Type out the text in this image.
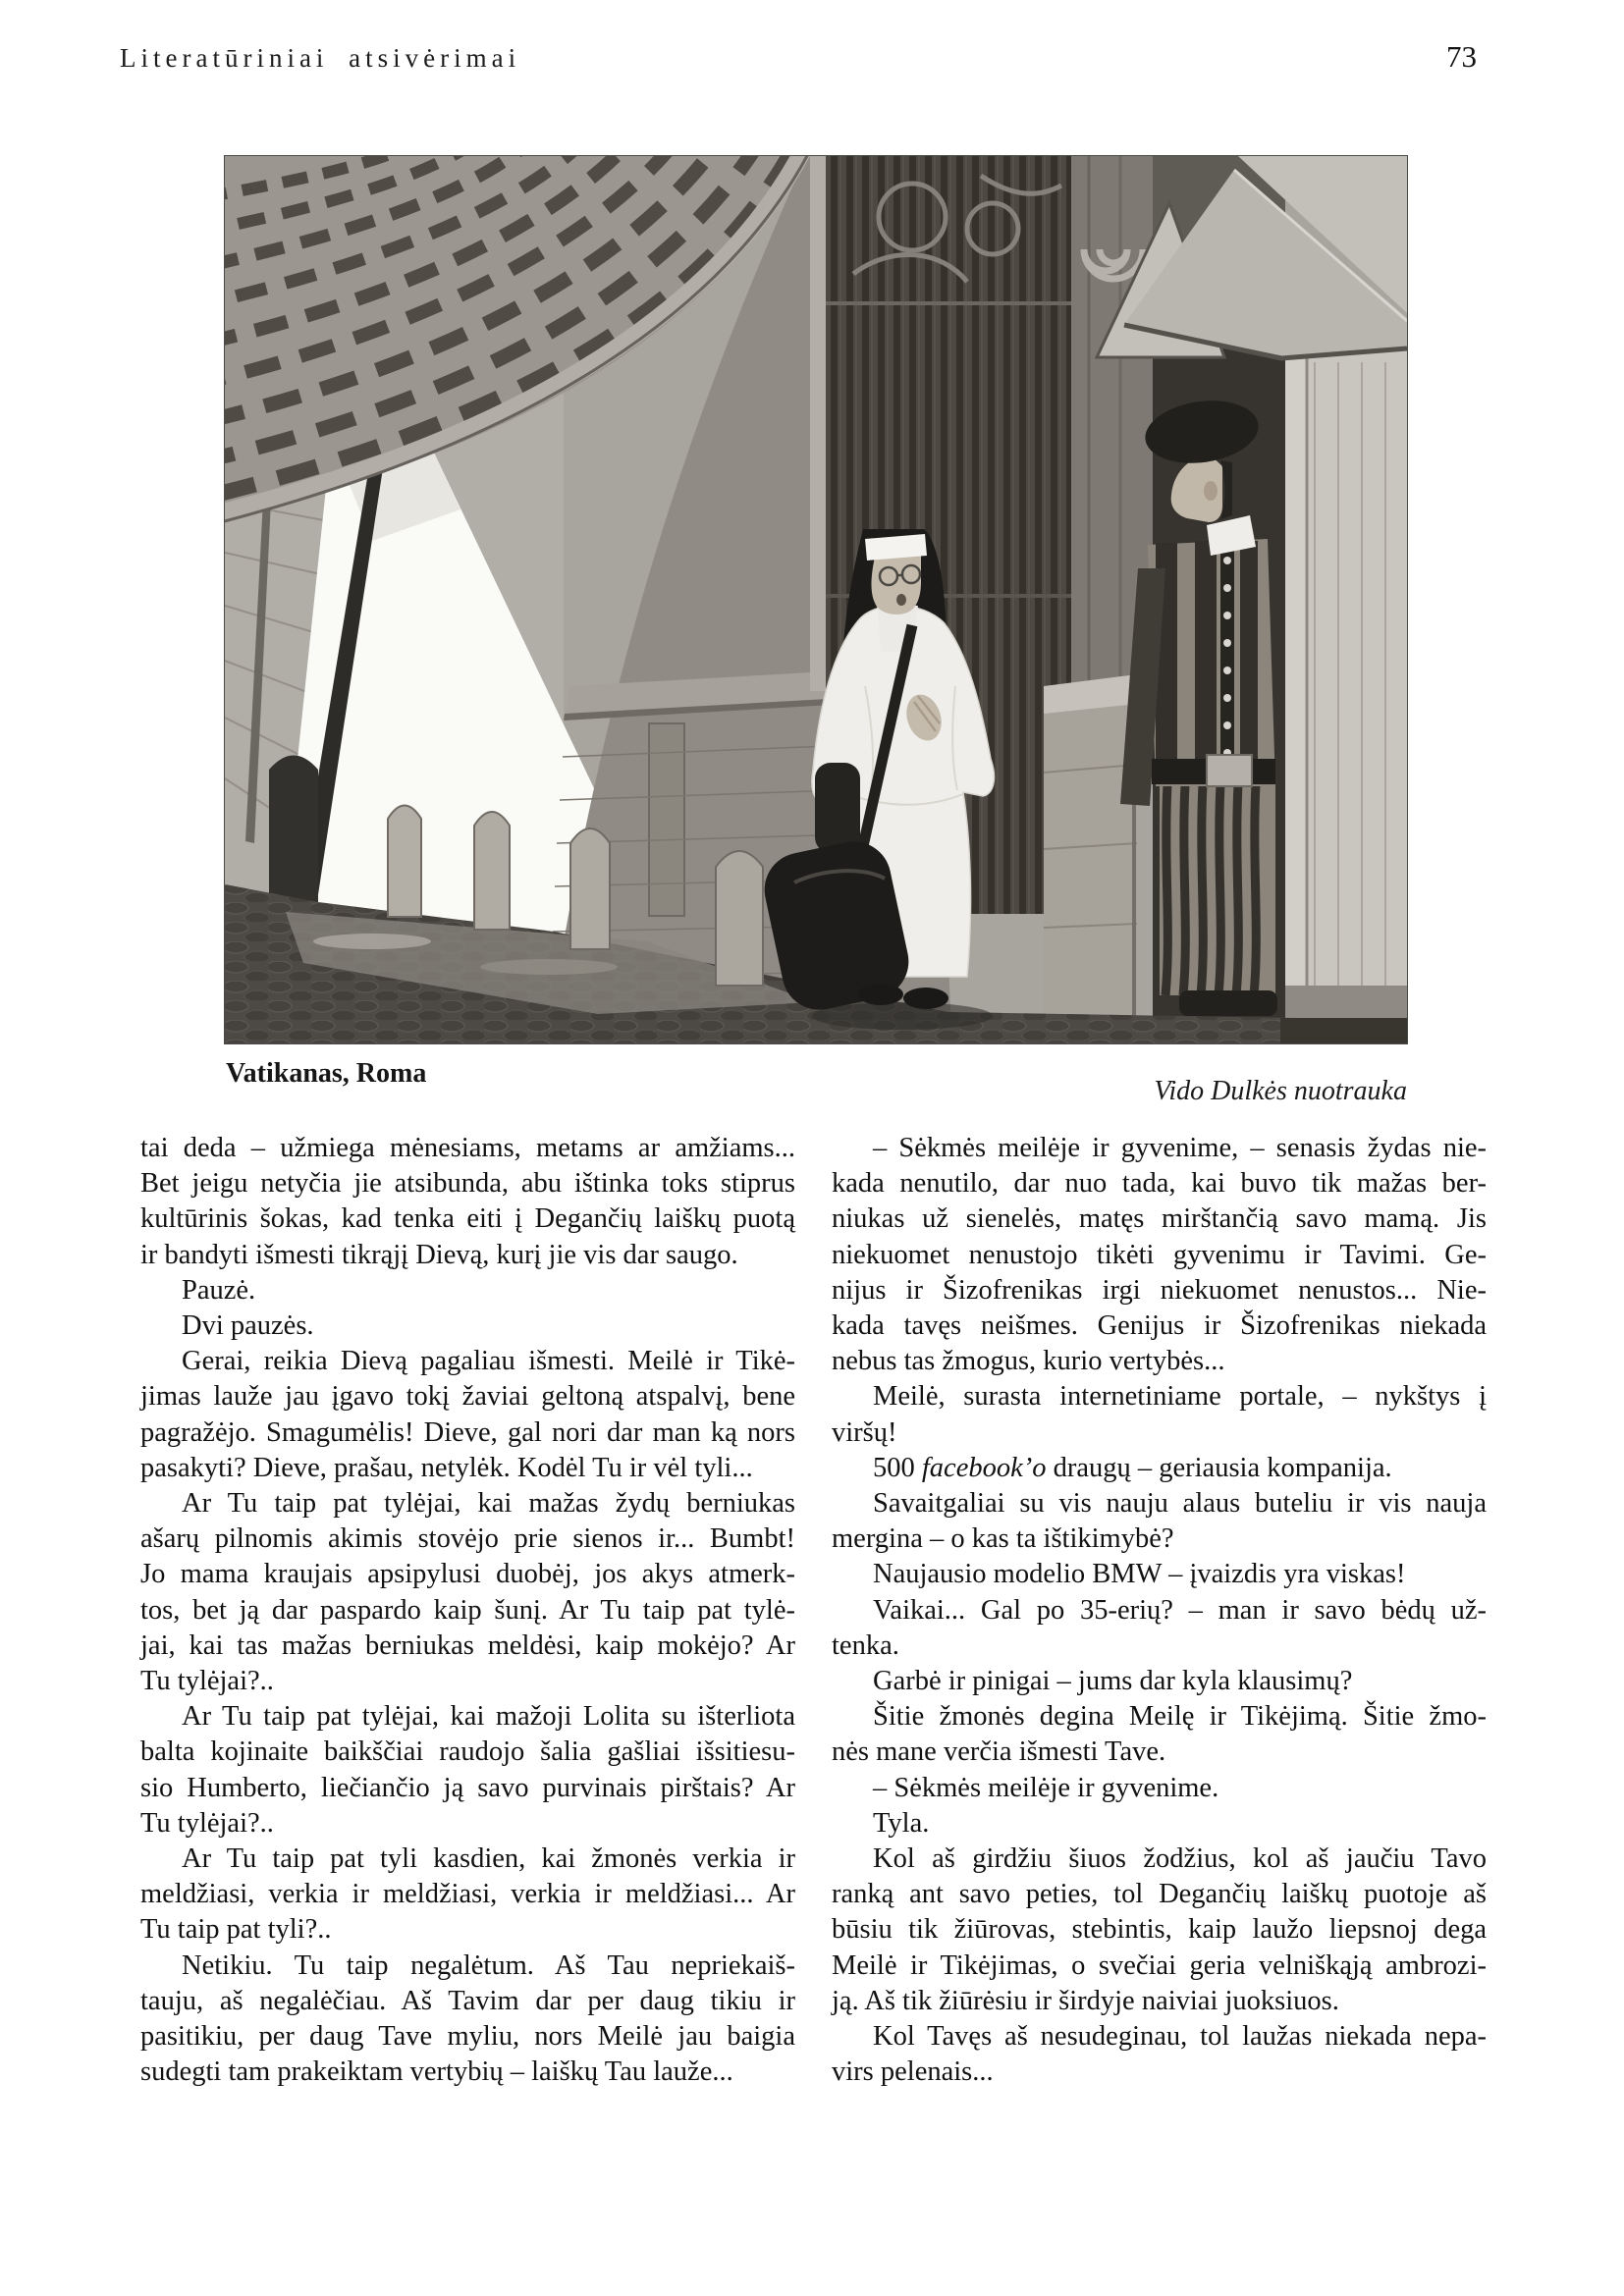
Literatūriniai atsivėrimai	73
Vatikanas, Roma
Vido Dulkės nuotrauka
tai deda – užmiega mėnesiams, metams ar amžiams...
Bet jeigu netyčia jie atsibunda, abu ištinka toks stiprus
kultūrinis šokas, kad tenka eiti į Degančių laiškų puotą
ir bandyti išmesti tikrąjį Dievą, kurį jie vis dar saugo.
Pauzė.
Dvi pauzės.
Gerai, reikia Dievą pagaliau išmesti. Meilė ir Tikė-
jimas lauže jau įgavo tokį žaviai geltoną atspalvį, bene
pagražėjo. Smagumėlis! Dieve, gal nori dar man ką nors
pasakyti? Dieve, prašau, netylėk. Kodėl Tu ir vėl tyli...
Ar Tu taip pat tylėjai, kai mažas žydų berniukas
ašarų pilnomis akimis stovėjo prie sienos ir... Bumbt!
Jo mama kraujais apsipylusi duobėj, jos akys atmerk-
tos, bet ją dar paspardo kaip šunį. Ar Tu taip pat tylė-
jai, kai tas mažas berniukas meldėsi, kaip mokėjo? Ar
Tu tylėjai?..
Ar Tu taip pat tylėjai, kai mažoji Lolita su išterliota
balta kojinaite baikščiai raudojo šalia gašliai išsitiesu-
sio Humberto, liečiančio ją savo purvinais pirštais? Ar
Tu tylėjai?..
Ar Tu taip pat tyli kasdien, kai žmonės verkia ir
meldžiasi, verkia ir meldžiasi, verkia ir meldžiasi... Ar
Tu taip pat tyli?..
Netikiu. Tu taip negalėtum. Aš Tau nepriekaiš-
tauju, aš negalėčiau. Aš Tavim dar per daug tikiu ir
pasitikiu, per daug Tave myliu, nors Meilė jau baigia
sudegti tam prakeiktam vertybių – laiškų Tau lauže...
– Sėkmės meilėje ir gyvenime, – senasis žydas nie-
kada nenutilo, dar nuo tada, kai buvo tik mažas ber-
niukas už sienelės, matęs mirštančią savo mamą. Jis
niekuomet nenustojo tikėti gyvenimu ir Tavimi. Ge-
nijus ir Šizofrenikas irgi niekuomet nenustos... Nie-
kada tavęs neišmes. Genijus ir Šizofrenikas niekada
nebus tas žmogus, kurio vertybės...
Meilė, surasta internetiniame portale, – nykštys į
viršų!
500 facebook’o draugų – geriausia kompanija.
Savaitgaliai su vis nauju alaus buteliu ir vis nauja
mergina – o kas ta ištikimybė?
Naujausio modelio BMW – įvaizdis yra viskas!
Vaikai... Gal po 35-erių? – man ir savo bėdų už-
tenka.
Garbė ir pinigai – jums dar kyla klausimų?
Šitie žmonės degina Meilę ir Tikėjimą. Šitie žmo-
nės mane verčia išmesti Tave.
– Sėkmės meilėje ir gyvenime.
Tyla.
Kol aš girdžiu šiuos žodžius, kol aš jaučiu Tavo
ranką ant savo peties, tol Degančių laiškų puotoje aš
būsiu tik žiūrovas, stebintis, kaip laužo liepsnoj dega
Meilė ir Tikėjimas, o svečiai geria velniškąją ambrozi-
ją. Aš tik žiūrėsiu ir širdyje naiviai juoksiuos.
Kol Tavęs aš nesudeginau, tol laužas niekada nepa-
virs pelenais...
